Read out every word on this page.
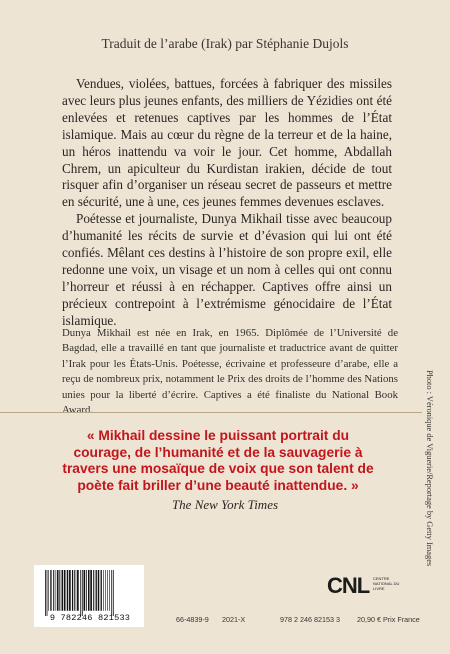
Traduit de l’arabe (Irak) par Stéphanie Dujols

Vendues, violées, battues, forcées à fabriquer des missiles avec leurs plus jeunes enfants, des milliers de Yézidies ont été enlevées et retenues captives par les hommes de l’État islamique. Mais au cœur du règne de la terreur et de la haine, un héros inattendu va voir le jour. Cet homme, Abdallah Chrem, un apiculteur du Kurdistan irakien, décide de tout risquer afin d’organiser un réseau secret de passeurs et mettre en sécurité, une à une, ces jeunes femmes devenues esclaves.

Poétesse et journaliste, Dunya Mikhail tisse avec beaucoup d’humanité les récits de survie et d’évasion qui lui ont été confiés. Mêlant ces destins à l’histoire de son propre exil, elle redonne une voix, un visage et un nom à celles qui ont connu l’horreur et réussi à en réchapper. Captives offre ainsi un précieux contrepoint à l’extrémisme génocidaire de l’État islamique.

Dunya Mikhail est née en Irak, en 1965. Diplômée de l’Université de Bagdad, elle a travaillé en tant que journaliste et traductrice avant de quitter l’Irak pour les États-Unis. Poétesse, écrivaine et professeure d’arabe, elle a reçu de nombreux prix, notamment le Prix des droits de l’homme des Nations unies pour la liberté d’écrire. Captives a été finaliste du National Book Award.
« Mikhail dessine le puissant portrait du courage, de l’humanité et de la sauvagerie à travers une mosaïque de voix que son talent de poète fait briller d’une beauté inattendue. »
The New York Times	Photo : Véronique de Viguerie/Reportage by Getty Images
CNL CENTRE NATIONAL DU LIVRE
9 782246 821533	66-4839-9 2021-X	978 2 246 82153 3 20,90 € Prix France
